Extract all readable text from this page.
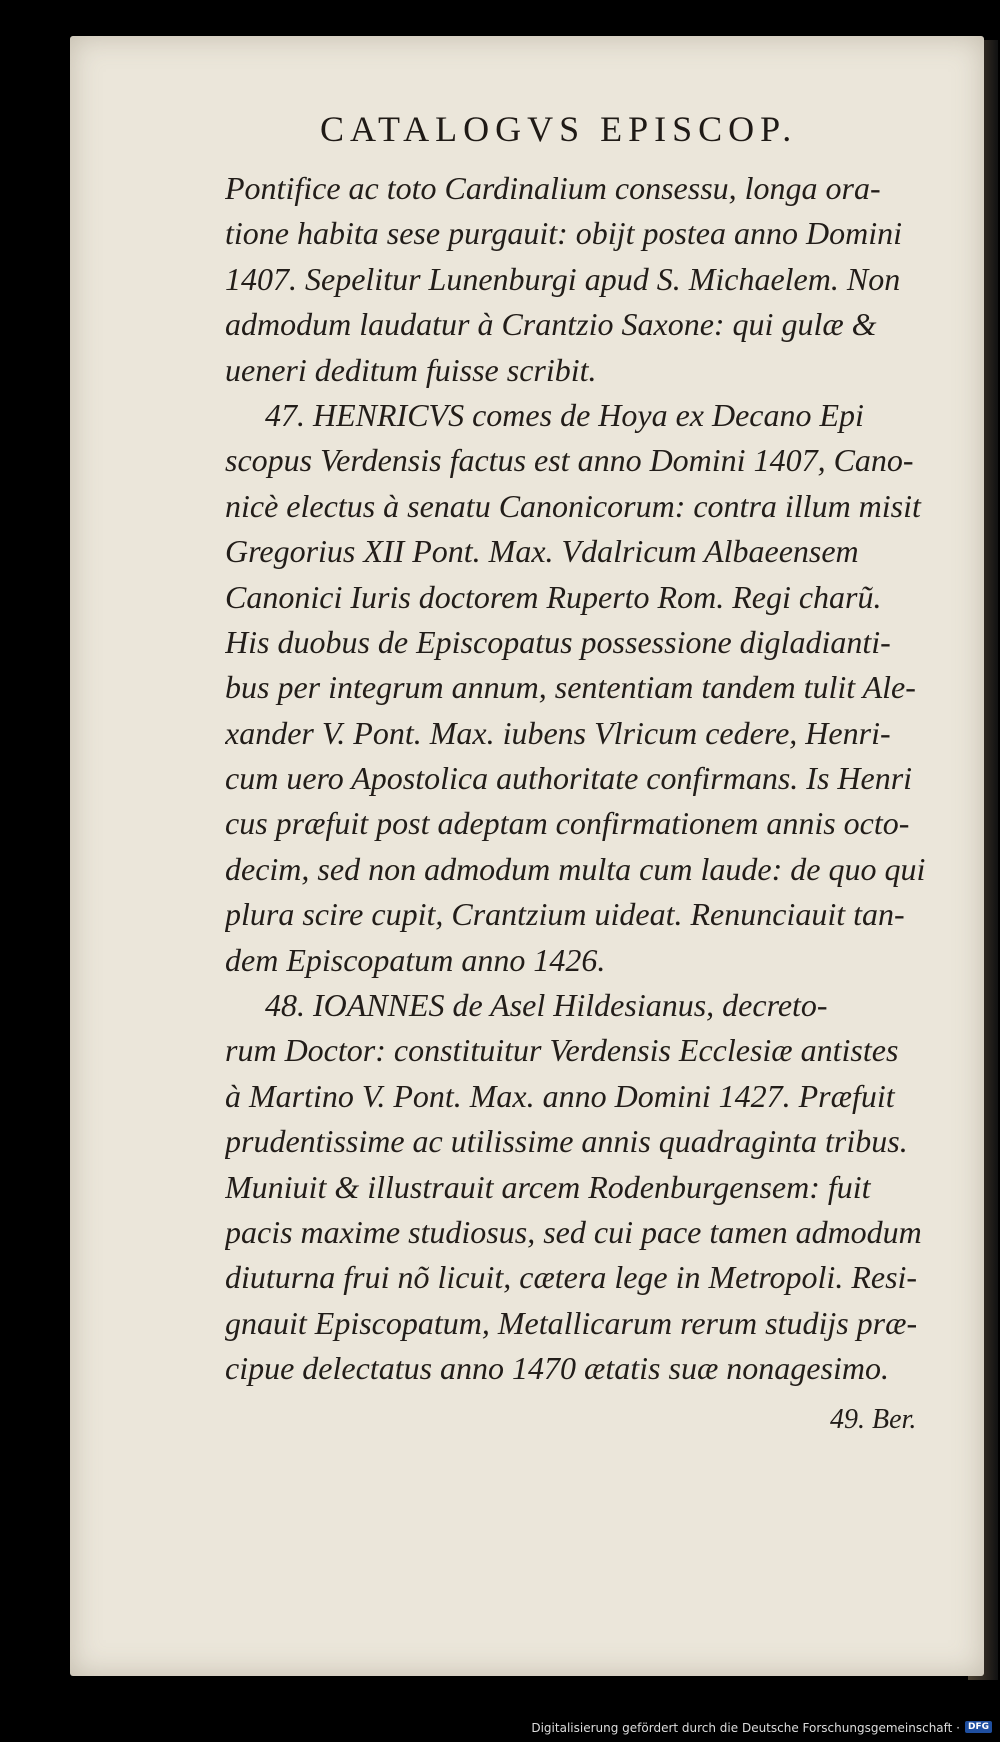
CATALOGVS EPISCOP.
Pontifice ac toto Cardinalium consessu, longa ora-
tione habita sese purgauit: obijt postea anno Domini
1407. Sepelitur Lunenburgi apud S. Michaelem. Non
admodum laudatur à Crantzio Saxone: qui gulæ &
ueneri deditum fuisse scribit.
47. HENRICVS comes de Hoya ex Decano Epi
scopus Verdensis factus est anno Domini 1407, Cano-
nicè electus à senatu Canonicorum: contra illum misit
Gregorius XII Pont. Max. Vdalricum Albaeensem
Canonici Iuris doctorem Ruperto Rom. Regi charũ.
His duobus de Episcopatus possessione digladianti-
bus per integrum annum, sententiam tandem tulit Ale-
xander V. Pont. Max. iubens Vlricum cedere, Henri-
cum uero Apostolica authoritate confirmans. Is Henri
cus præfuit post adeptam confirmationem annis octo-
decim, sed non admodum multa cum laude: de quo qui
plura scire cupit, Crantzium uideat. Renunciauit tan-
dem Episcopatum anno 1426.
48. IOANNES de Asel Hildesianus, decreto-
rum Doctor: constituitur Verdensis Ecclesiæ antistes
à Martino V. Pont. Max. anno Domini 1427. Præfuit
prudentissime ac utilissime annis quadraginta tribus.
Muniuit & illustrauit arcem Rodenburgensem: fuit
pacis maxime studiosus, sed cui pace tamen admodum
diuturna frui nõ licuit, cætera lege in Metropoli. Resi-
gnauit Episcopatum, Metallicarum rerum studijs præ-
cipue delectatus anno 1470 ætatis suæ nonagesimo.
49. Ber.
Digitalisierung gefördert durch die Deutsche Forschungsgemeinschaft · DFG
